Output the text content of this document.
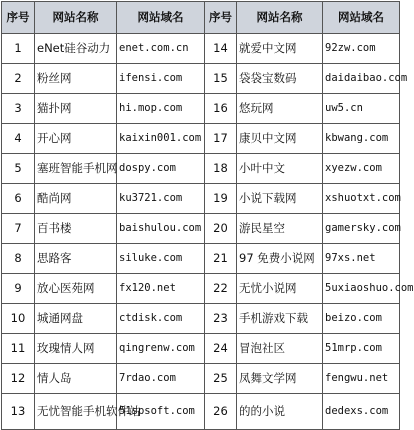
序号	网站名称	网站域名	序号	网站名称	网站域名
1	eNet硅谷动力	enet.com.cn	14	就爱中文网	92zw.com
2	粉丝网	ifensi.com	15	袋袋宝数码	daidaibao.com
3	猫扑网	hi.mop.com	16	悠玩网	uw5.cn
4	开心网	kaixin001.com	17	康贝中文网	kbwang.com
5	塞班智能手机网	dospy.com	18	小叶中文	xyezw.com
6	酷尚网	ku3721.com	19	小说下载网	xshuotxt.com
7	百书楼	baishulou.com	20	游民星空	gamersky.com
8	思路客	siluke.com	21	97 免费小说网	97xs.net
9	放心医苑网	fx120.net	22	无忧小说网	5uxiaoshuo.com
10	城通网盘	ctdisk.com	23	手机游戏下载	beizo.com
11	玫瑰情人网	qingrenw.com	24	冒泡社区	51mrp.com
12	情人岛	7rdao.com	25	凤舞文学网	fengwu.net
13	无忧智能手机软件站	51spsoft.com	26	的的小说	dedexs.com
